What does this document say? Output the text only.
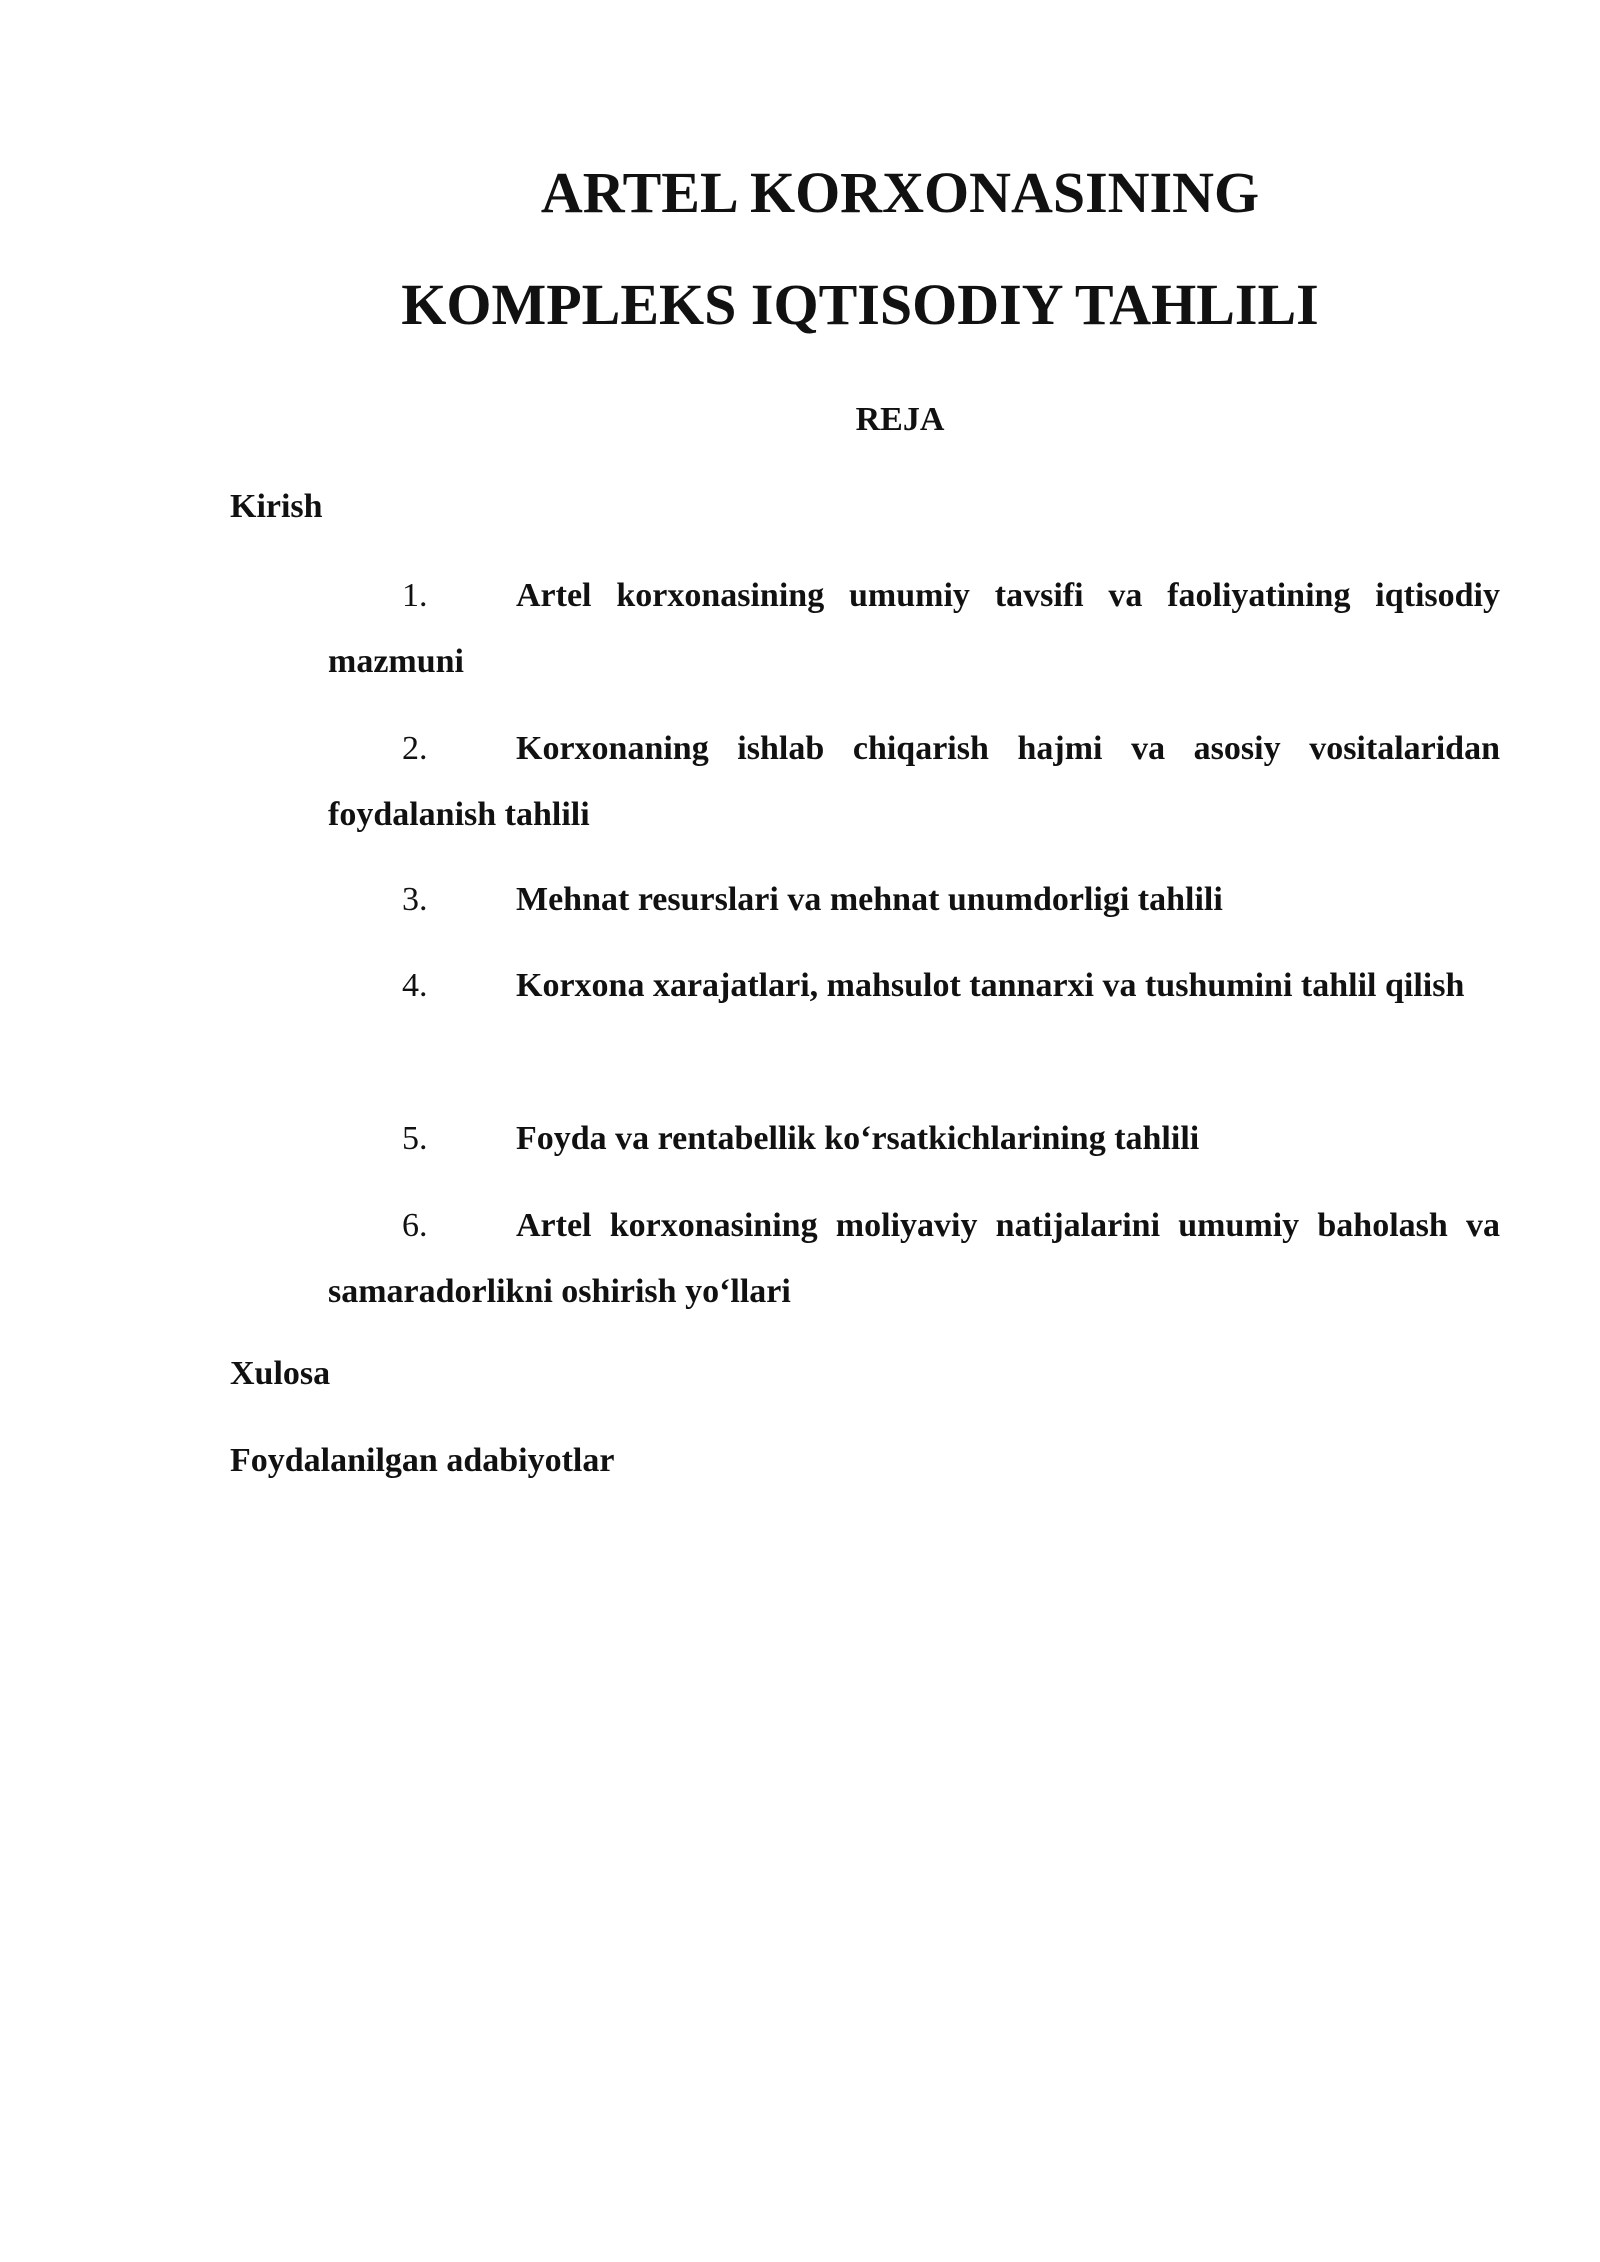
ARTEL KORXONASINING
KOMPLEKS IQTISODIY TAHLILI
REJA
Kirish
1.	Artel korxonasining umumiy tavsifi va faoliyatining iqtisodiy mazmuni
2.	Korxonaning ishlab chiqarish hajmi va asosiy vositalaridan foydalanish tahlili
3.	Mehnat resurslari va mehnat unumdorligi tahlili
4.	Korxona xarajatlari, mahsulot tannarxi va tushumini tahlil qilish
5.	Foyda va rentabellik ko‘rsatkichlarining tahlili
6.	Artel korxonasining moliyaviy natijalarini umumiy baholash va samaradorlikni oshirish yo‘llari
Xulosa
Foydalanilgan adabiyotlar
